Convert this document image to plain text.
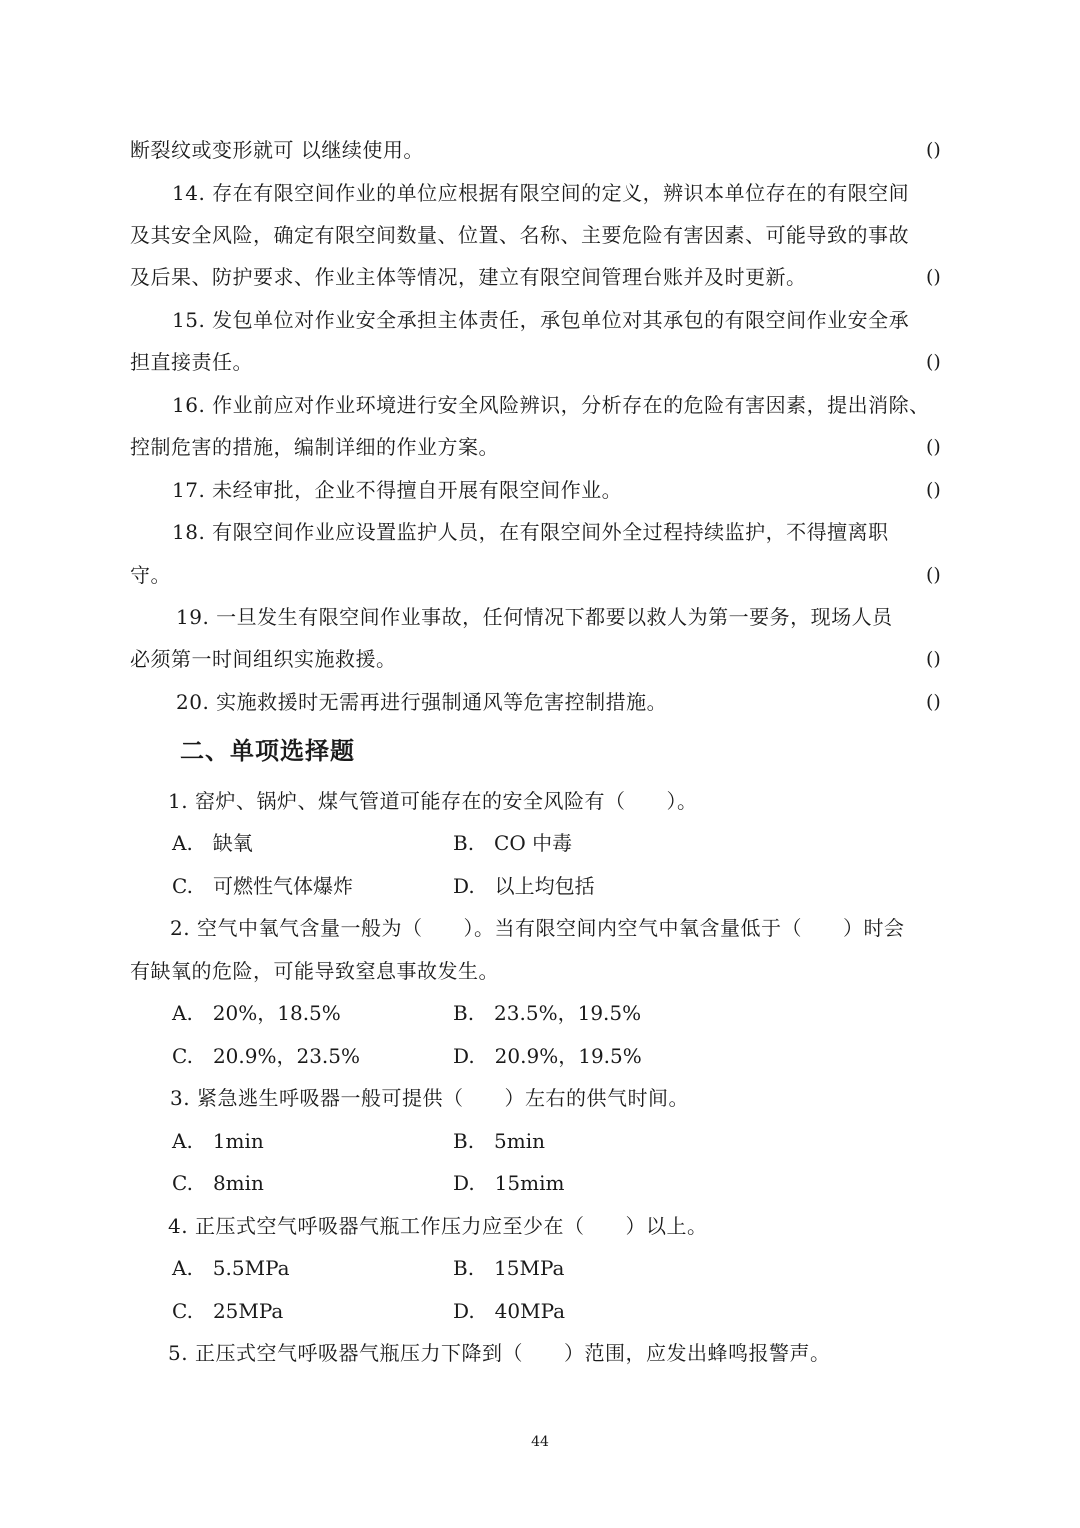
断裂纹或变形就可 以继续使用。	()
14. 存在有限空间作业的单位应根据有限空间的定义，辨识本单位存在的有限空间
及其安全风险，确定有限空间数量、位置、名称、主要危险有害因素、可能导致的事故
及后果、防护要求、作业主体等情况，建立有限空间管理台账并及时更新。	()
15. 发包单位对作业安全承担主体责任，承包单位对其承包的有限空间作业安全承
担直接责任。	()
16. 作业前应对作业环境进行安全风险辨识，分析存在的危险有害因素，提出消除、
控制危害的措施，编制详细的作业方案。	()
17. 未经审批，企业不得擅自开展有限空间作业。	()
18. 有限空间作业应设置监护人员，在有限空间外全过程持续监护，不得擅离职
守。	()
19. 一旦发生有限空间作业事故，任何情况下都要以救人为第一要务，现场人员
必须第一时间组织实施救援。	()
20. 实施救援时无需再进行强制通风等危害控制措施。	()
二、单项选择题
1. 窑炉、锅炉、煤气管道可能存在的安全风险有（　　）。
A.　缺氧	B.　CO 中毒
C.　可燃性气体爆炸	D.　以上均包括
2. 空气中氧气含量一般为（　　）。当有限空间内空气中氧含量低于（　　）时会
有缺氧的危险，可能导致窒息事故发生。
A.　20%，18.5%	B.　23.5%，19.5%
C.　20.9%，23.5%	D.　20.9%，19.5%
3. 紧急逃生呼吸器一般可提供（　　）左右的供气时间。
A.　1min	B.　5min
C.　8min	D.　15mim
4. 正压式空气呼吸器气瓶工作压力应至少在（　　）以上。
A.　5.5MPa	B.　15MPa
C.　25MPa	D.　40MPa
5. 正压式空气呼吸器气瓶压力下降到（　　）范围，应发出蜂鸣报警声。
44
